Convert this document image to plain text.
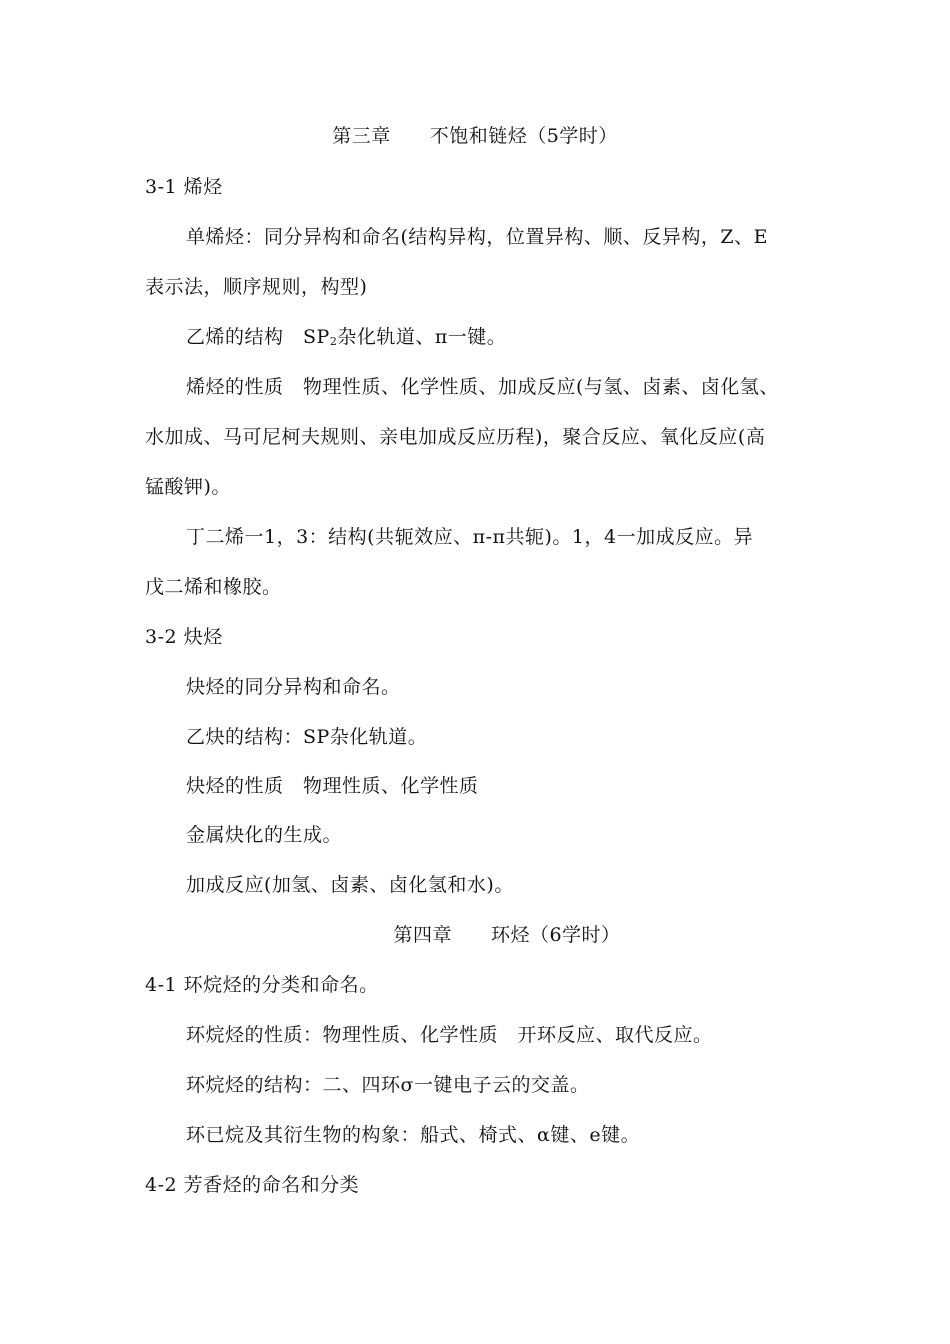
第三章　　不饱和链烃（5学时）
3-1 烯烃
单烯烃：同分异构和命名(结构异构，位置异构、顺、反异构，Z、E
表示法，顺序规则，构型)
乙烯的结构　SP2杂化轨道、π一键。
烯烃的性质　物理性质、化学性质、加成反应(与氢、卤素、卤化氢、
水加成、马可尼柯夫规则、亲电加成反应历程)，聚合反应、氧化反应(高
锰酸钾)。
丁二烯一1，3：结构(共轭效应、π-π共轭)。1，4一加成反应。异
戊二烯和橡胶。
3-2 炔烃
炔烃的同分异构和命名。
乙炔的结构：SP杂化轨道。
炔烃的性质　物理性质、化学性质
金属炔化的生成。
加成反应(加氢、卤素、卤化氢和水)。
第四章　　环烃（6学时）
4-1 环烷烃的分类和命名。
环烷烃的性质：物理性质、化学性质　开环反应、取代反应。
环烷烃的结构：二、四环σ一键电子云的交盖。
环已烷及其衍生物的构象：船式、椅式、α键、e键。
4-2 芳香烃的命名和分类
